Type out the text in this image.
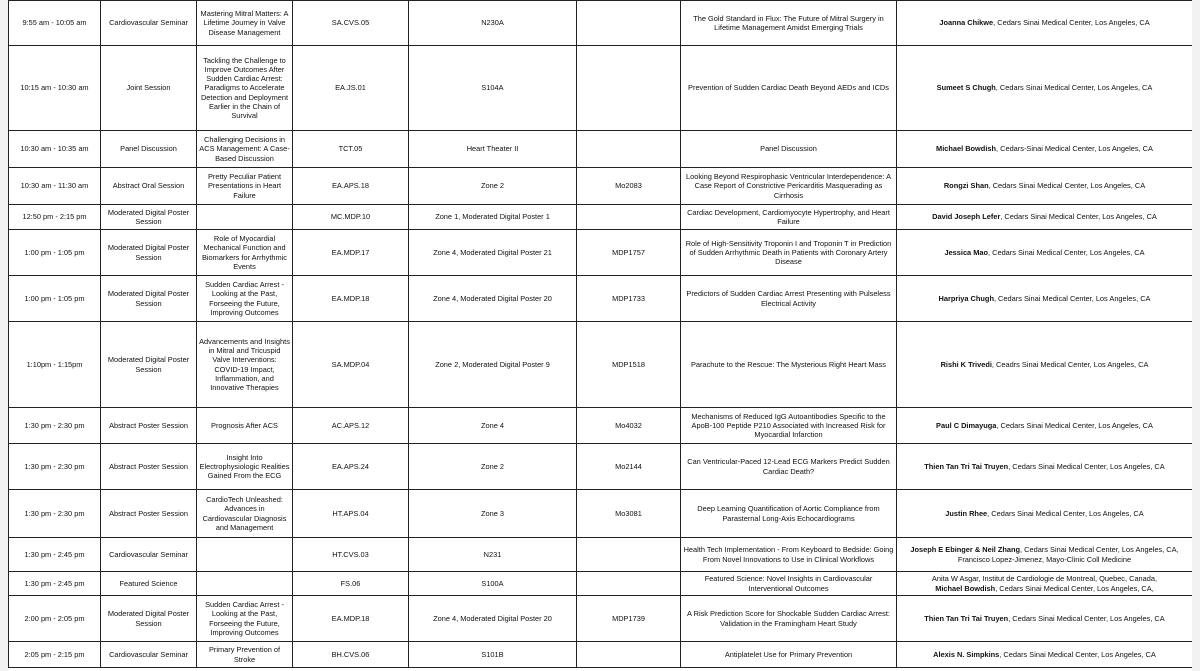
9:55 am - 10:05 am	Cardiovascular Seminar	Mastering Mitral Matters: A Lifetime Journey in Valve Disease Management	SA.CVS.05	N230A		The Gold Standard in Flux: The Future of Mitral Surgery in Lifetime Management Amidst Emerging Trials	Joanna Chikwe, Cedars Sinai Medical Center, Los Angeles, CA
10:15 am - 10:30 am	Joint Session	Tackling the Challenge to Improve Outcomes After Sudden Cardiac Arrest: Paradigms to Accelerate Detection and Deployment Earlier in the Chain of Survival	EA.JS.01	S104A		Prevention of Sudden Cardiac Death Beyond AEDs and ICDs	Sumeet S Chugh, Cedars Sinai Medical Center, Los Angeles, CA
10:30 am - 10:35 am	Panel Discussion	Challenging Decisions in ACS Management: A Case-Based Discussion	TCT.05	Heart Theater II		Panel Discussion	Michael Bowdish, Cedars-Sinai Medical Center, Los Angeles, CA
10:30 am - 11:30 am	Abstract Oral Session	Pretty Peculiar Patient Presentations in Heart Failure	EA.APS.18	Zone 2	Mo2083	Looking Beyond Respirophasic Ventricular Interdependence: A Case Report of Constrictive Pericarditis Masquerading as Cirrhosis	Rongzi Shan, Cedars Sinai Medical Center, Los Angeles, CA
12:50 pm - 2:15 pm	Moderated Digital Poster Session		MC.MDP.10	Zone 1, Moderated Digital Poster 1		Cardiac Development, Cardiomyocyte Hypertrophy, and Heart Failure	David Joseph Lefer, Cedars Sinai Medical Center, Los Angeles, CA
1:00 pm - 1:05 pm	Moderated Digital Poster Session	Role of Myocardial Mechanical Function and Biomarkers for Arrhythmic Events	EA.MDP.17	Zone 4, Moderated Digital Poster 21	MDP1757	Role of High-Sensitivity Troponin I and Troponin T in Prediction of Sudden Arrhythmic Death in Patients with Coronary Artery Disease	Jessica Mao, Cedars Sinai Medical Center, Los Angeles, CA
1:00 pm - 1:05 pm	Moderated Digital Poster Session	Sudden Cardiac Arrest - Looking at the Past, Forseeing the Future, Improving Outcomes	EA.MDP.18	Zone 4, Moderated Digital Poster 20	MDP1733	Predictors of Sudden Cardiac Arrest Presenting with Pulseless Electrical Activity	Harpriya Chugh, Cedars Sinai Medical Center, Los Angeles, CA
1:10pm - 1:15pm	Moderated Digital Poster Session	Advancements and Insights in Mitral and Tricuspid Valve Interventions: COVID-19 Impact, Inflammation, and Innovative Therapies	SA.MDP.04	Zone 2, Moderated Digital Poster 9	MDP1518	Parachute to the Rescue: The Mysterious Right Heart Mass	Rishi K Trivedi, Ceadrs Sinai Medical Center, Los Angeles, CA
1:30 pm - 2:30 pm	Abstract Poster Session	Prognosis After ACS	AC.APS.12	Zone 4	Mo4032	Mechanisms of Reduced IgG Autoantibodies Specific to the ApoB-100 Peptide P210 Associated with Increased Risk for Myocardial Infarction	Paul C Dimayuga, Cedars Sinai Medical Center, Los Angeles, CA
1:30 pm - 2:30 pm	Abstract Poster Session	Insight Into Electrophysiologic Realities Gained From the ECG	EA.APS.24	Zone 2	Mo2144	Can Ventricular-Paced 12-Lead ECG Markers Predict Sudden Cardiac Death?	Thien Tan Tri Tai Truyen, Cedars Sinai Medical Center, Los Angeles, CA
1:30 pm - 2:30 pm	Abstract Poster Session	CardioTech Unleashed: Advances in Cardiovascular Diagnosis and Management	HT.APS.04	Zone 3	Mo3081	Deep Learning Quantification of Aortic Compliance from Parasternal Long-Axis Echocardiograms	Justin Rhee, Cedars Sinai Medical Center, Los Angeles, CA
1:30 pm - 2:45 pm	Cardiovascular Seminar		HT.CVS.03	N231		Health Tech Implementation - From Keyboard to Bedside: Going From Novel Innovations to Use in Clinical Workflows	Joseph E Ebinger & Neil Zhang, Cedars Sinai Medical Center, Los Angeles, CA, Francisco Lopez-Jimenez, Mayo-Clinic Coll Medicine
1:30 pm - 2:45 pm	Featured Science		FS.06	S100A		Featured Science: Novel Insights in Cardiovascular Interventional Outcomes	Anita W Asgar, Institut de Cardiologie de Montreal, Quebec, Canada,
Michael Bowdish, Cedars Sinai Medical Center, Los Angeles, CA,
2:00 pm - 2:05 pm	Moderated Digital Poster Session	Sudden Cardiac Arrest - Looking at the Past, Forseeing the Future, Improving Outcomes	EA.MDP.18	Zone 4, Moderated Digital Poster 20	MDP1739	A Risk Prediction Score for Shockable Sudden Cardiac Arrest: Validation in the Framingham Heart Study	Thien Tan Tri Tai Truyen, Cedars Sinai Medical Center, Los Angeles, CA
2:05 pm - 2:15 pm	Cardiovascular Seminar	Primary Prevention of Stroke	BH.CVS.06	S101B		Antiplatelet Use for Primary Prevention	Alexis N. Simpkins, Cedars Sinai Medical Center, Los Angeles, CA
